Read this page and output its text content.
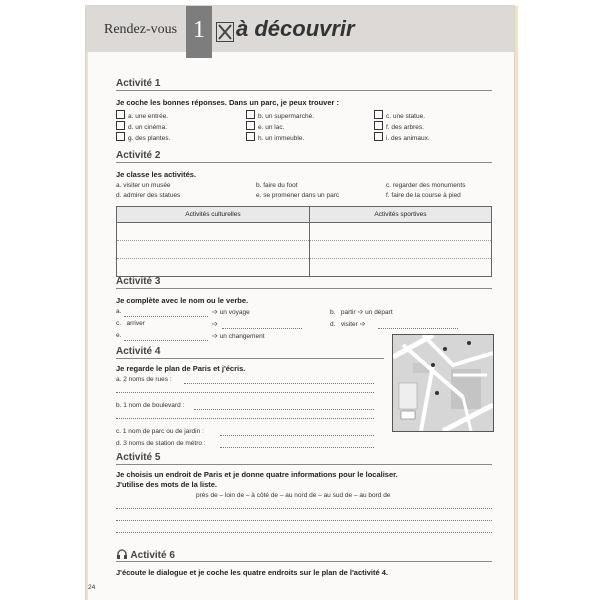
Rendez-vous 1	à découvrir
Activité 1
Je coche les bonnes réponses. Dans un parc, je peux trouver :
a. une entrée.	b. un supermarché.	c. une statue.
d. un cinéma.	e. un lac.	f. des arbres.
g. des plantes.	h. un immeuble.	i. des animaux.
Activité 2
Je classe les activités.
a. visiter un musée	b. faire du foot	c. regarder des monuments
d. admirer des statues	e. se promener dans un parc	f. faire de la course à pied
Activités culturelles	Activités sportives

Activité 3
Je complète avec le nom ou le verbe.
a.	➩ un voyage	b. partir ➩ un départ
c. arriver	➩	d. visiter ➩
e.	➩ un changement
Activité 4
Je regarde le plan de Paris et j'écris.
a. 2 noms de rues :
b. 1 nom de boulevard :
c. 1 nom de parc ou de jardin :
d. 3 noms de station de métro :
Activité 5
Je choisis un endroit de Paris et je donne quatre informations pour le localiser.
J'utilise des mots de la liste.
près de – loin de – à côté de – au nord de – au sud de – au bord de
Activité 6
J'écoute le dialogue et je coche les quatre endroits sur le plan de l'activité 4.
24
